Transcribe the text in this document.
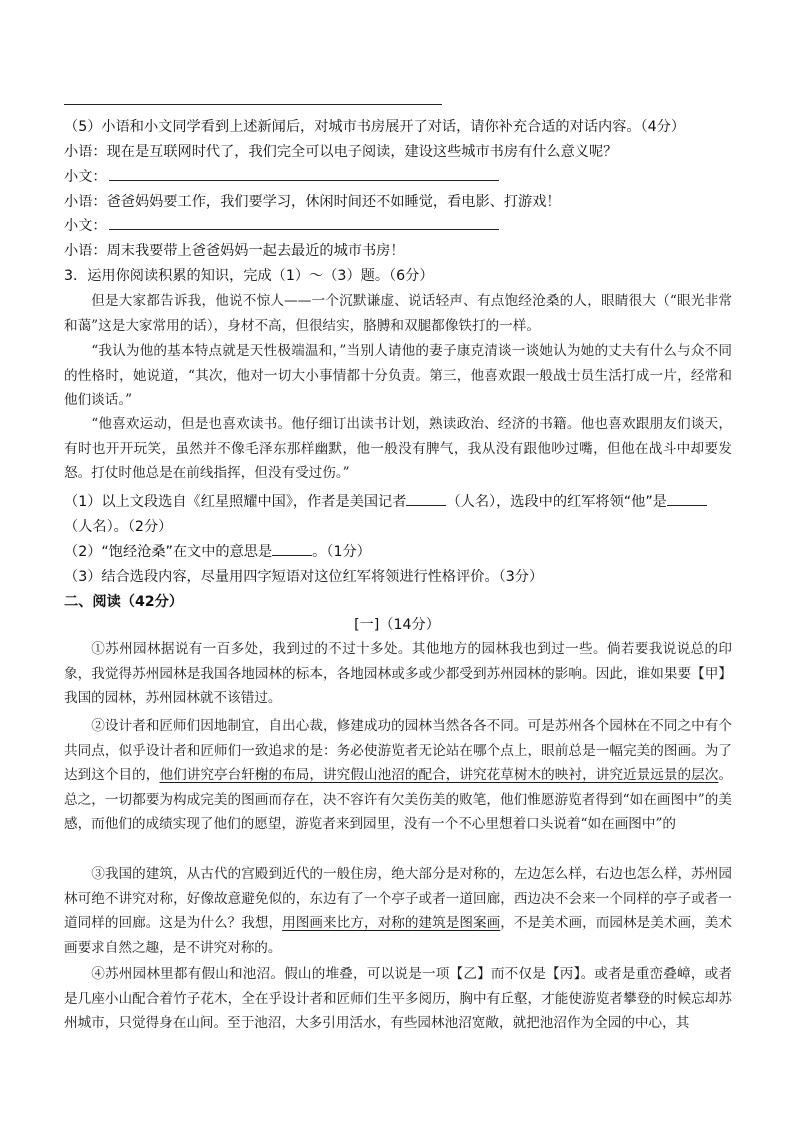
（5）小语和小文同学看到上述新闻后，对城市书房展开了对话，请你补充合适的对话内容。（4分）
小语：现在是互联网时代了，我们完全可以电子阅读，建设这些城市书房有什么意义呢？
小文：
小语：爸爸妈妈要工作，我们要学习，休闲时间还不如睡觉，看电影、打游戏！
小文：
小语：周末我要带上爸爸妈妈一起去最近的城市书房！
3．运用你阅读积累的知识，完成（1）～（3）题。（6分）
但是大家都告诉我，他说不惊人——一个沉默谦虚、说话轻声、有点饱经沧桑的人，眼睛很大（“眼光非常和蔼”这是大家常用的话），身材不高，但很结实，胳膊和双腿都像铁打的一样。
“我认为他的基本特点就是天性极端温和，”当别人请他的妻子康克清谈一谈她认为她的丈夫有什么与众不同的性格时，她说道，“其次，他对一切大小事情都十分负责。第三，他喜欢跟一般战士员生活打成一片，经常和他们谈话。”
“他喜欢运动，但是也喜欢读书。他仔细订出读书计划，熟读政治、经济的书籍。他也喜欢跟朋友们谈天，有时也开开玩笑，虽然并不像毛泽东那样幽默，他一般没有脾气，我从没有跟他吵过嘴，但他在战斗中却要发怒。打仗时他总是在前线指挥，但没有受过伤。”
（1）以上文段选自《红星照耀中国》，作者是美国记者	（人名），选段中的红军将领“他”是
（人名）。（2分）
（2）“饱经沧桑”在文中的意思是	。（1分）
（3）结合选段内容，尽量用四字短语对这位红军将领进行性格评价。（3分）
二、阅读（42分）
[一]（14分）
①苏州园林据说有一百多处，我到过的不过十多处。其他地方的园林我也到过一些。倘若要我说说总的印象，我觉得苏州园林是我国各地园林的标本，各地园林或多或少都受到苏州园林的影响。因此，谁如果要【甲】我国的园林，苏州园林就不该错过。
②设计者和匠师们因地制宜，自出心裁，修建成功的园林当然各各不同。可是苏州各个园林在不同之中有个共同点，似乎设计者和匠师们一致追求的是：务必使游览者无论站在哪个点上，眼前总是一幅完美的图画。为了达到这个目的，他们讲究亭台轩榭的布局，讲究假山池沼的配合，讲究花草树木的映衬，讲究近景远景的层次。总之，一切都要为构成完美的图画而存在，决不容许有欠美伤美的败笔，他们惟愿游览者得到“如在画图中”的美感，而他们的成绩实现了他们的愿望，游览者来到园里，没有一个不心里想着口头说着“如在画图中”的
③我国的建筑，从古代的宫殿到近代的一般住房，绝大部分是对称的，左边怎么样，右边也怎么样，苏州园林可绝不讲究对称，好像故意避免似的，东边有了一个亭子或者一道回廊，西边决不会来一个同样的亭子或者一道同样的回廊。这是为什么？我想，用图画来比方，对称的建筑是图案画，不是美术画，而园林是美术画，美术画要求自然之趣，是不讲究对称的。
④苏州园林里都有假山和池沼。假山的堆叠，可以说是一项【乙】而不仅是【丙】。或者是重峦叠嶂，或者是几座小山配合着竹子花木，全在乎设计者和匠师们生平多阅历，胸中有丘壑，才能使游览者攀登的时候忘却苏州城市，只觉得身在山间。至于池沼，大多引用活水，有些园林池沼宽敞，就把池沼作为全园的中心，其
